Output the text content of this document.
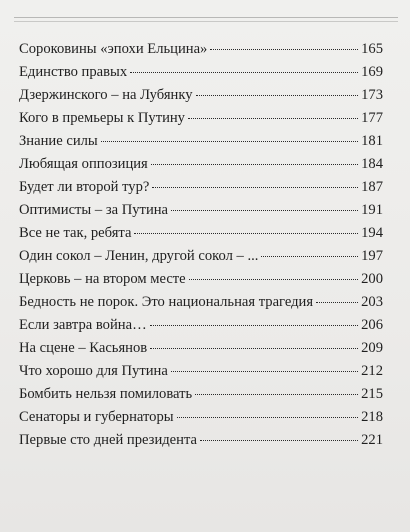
Сороковины «эпохи Ельцина»	165
Единство правых	169
Дзержинского – на Лубянку	173
Кого в премьеры к Путину	177
Знание силы	181
Любящая оппозиция	184
Будет ли второй тур?	187
Оптимисты – за Путина	191
Все не так, ребята	194
Один сокол – Ленин, другой сокол – ...	197
Церковь – на втором месте	200
Бедность не порок. Это национальная трагедия	203
Если завтра война…	206
На сцене – Касьянов	209
Что хорошо для Путина	212
Бомбить нельзя помиловать	215
Сенаторы и губернаторы	218
Первые сто дней президента	221
